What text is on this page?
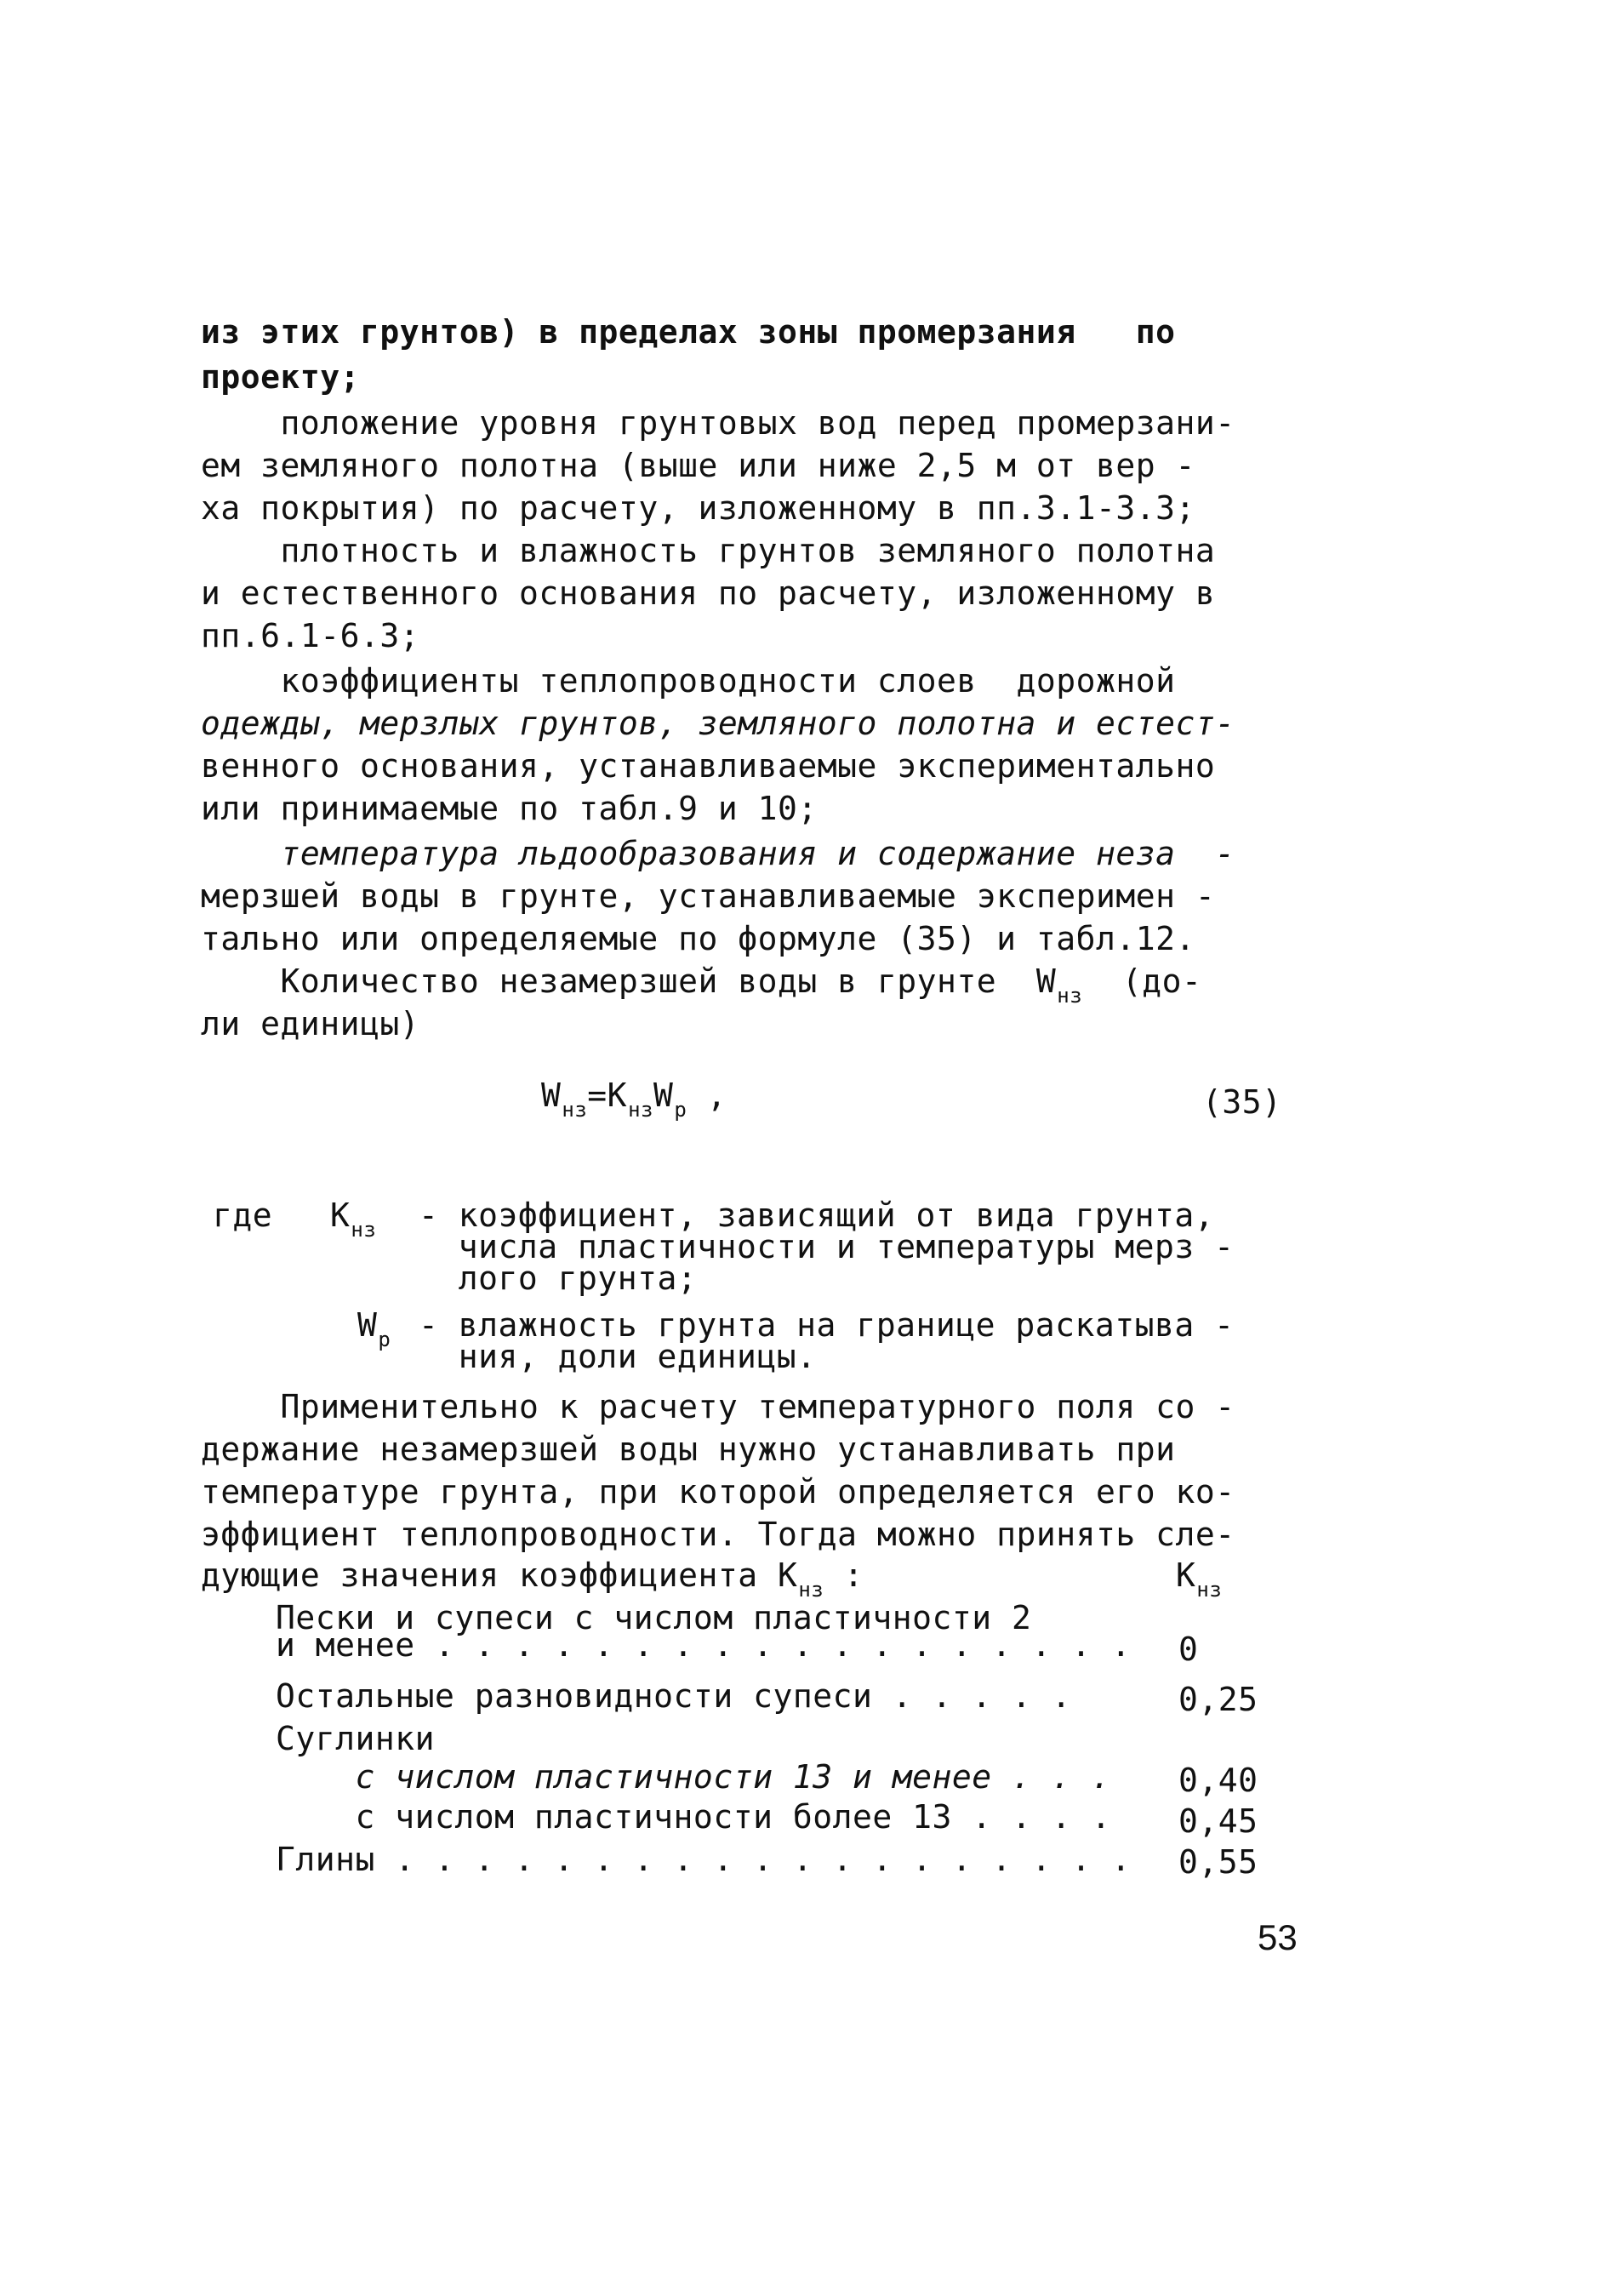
из этих грунтов) в пределах зоны промерзания   по
проекту;
положение уровня грунтовых вод перед промерзани-
ем земляного полотна (выше или ниже 2,5 м от вер -
ха покрытия) по расчету, изложенному в пп.3.1-3.3;
плотность и влажность грунтов земляного полотна
и естественного основания по расчету, изложенному в
пп.6.1-6.3;
коэффициенты теплопроводности слоев  дорожной
одежды, мерзлых грунтов, земляного полотна и естест-
венного основания, устанавливаемые экспериментально
или принимаемые по табл.9 и 10;
температура льдообразования и содержание неза  -
мерзшей воды в грунте, устанавливаемые эксперимен -
тально или определяемые по формуле (35) и табл.12.
Количество незамерзшей воды в грунте  $W_{нз}$  (до-
ли единицы)
$W_{нз}=K_{нз}W_р$ ,	(35)
где $K_{нз}$ - коэффициент, зависящий от вида грунта,
числа пластичности и температуры мерз -
лого грунта;
$W_р$ - влажность грунта на границе раскатыва -
ния, доли единицы.
Применительно к расчету температурного поля со -
держание незамерзшей воды нужно устанавливать при
температуре грунта, при которой определяется его ко-
эффициент теплопроводности. Тогда можно принять сле-
дующие значения коэффициента $K_{нз}$ :	$K_{нз}$
Пески и супеси с числом пластичности 2
и менее . . . . . . . . . . . . . . . . . . 0
Остальные разновидности супеси . . . . .	0,25
Суглинки
с числом пластичности 13 и менее . . . 0,40
с числом пластичности более 13 . . . . 0,45
Глины . . . . . . . . . . . . . . . . . . . 0,55
53
